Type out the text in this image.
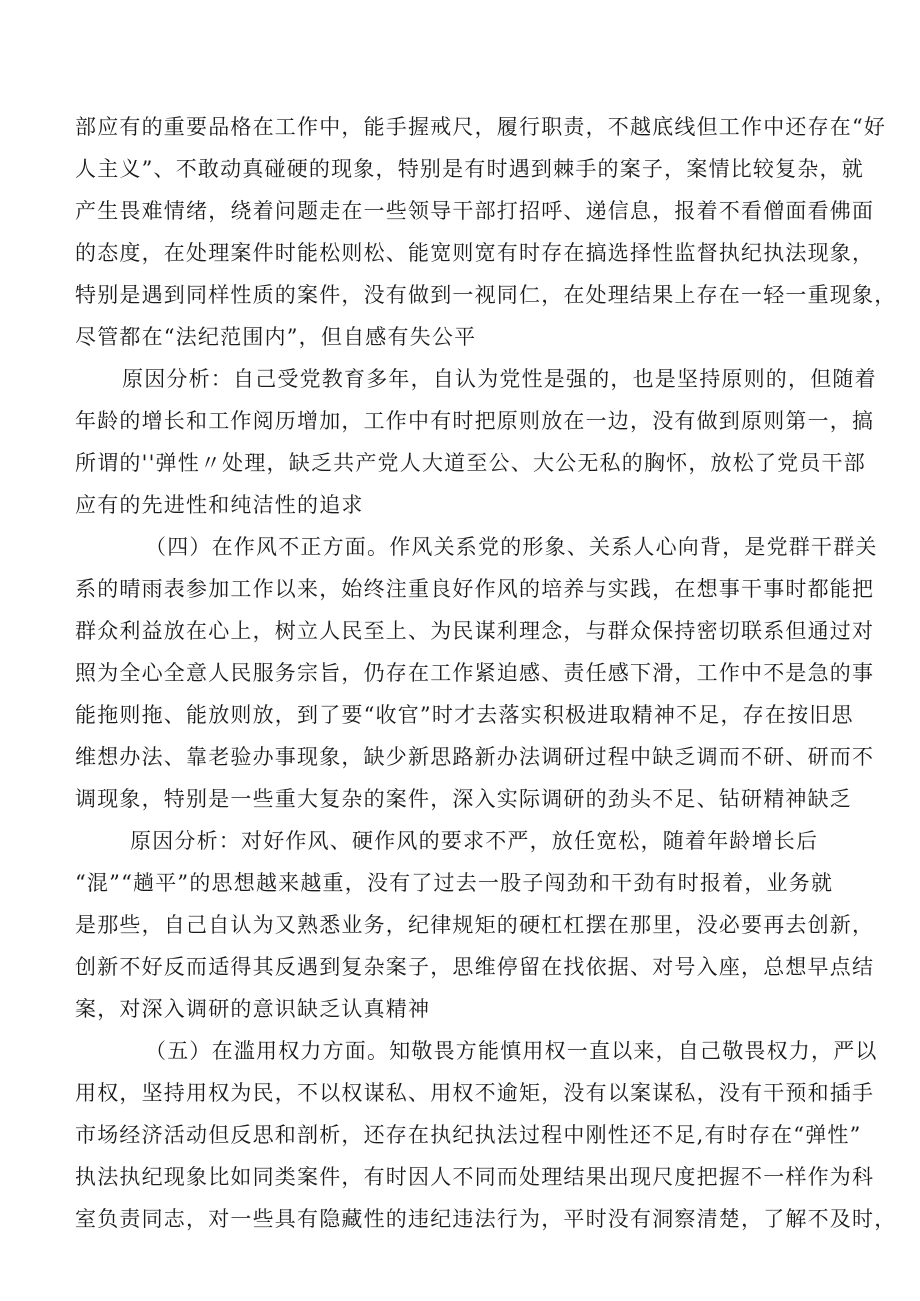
部应有的重要品格在工作中，能手握戒尺，履行职责，不越底线但工作中还存在“好
人主义”、不敢动真碰硬的现象，特别是有时遇到棘手的案子，案情比较复杂，就
产生畏难情绪，绕着问题走在一些领导干部打招呼、递信息，报着不看僧面看佛面
的态度，在处理案件时能松则松、能宽则宽有时存在搞选择性监督执纪执法现象，
特别是遇到同样性质的案件，没有做到一视同仁，在处理结果上存在一轻一重现象，
尽管都在“法纪范围内”，但自感有失公平
原因分析：自己受党教育多年，自认为党性是强的，也是坚持原则的，但随着
年龄的增长和工作阅历增加，工作中有时把原则放在一边，没有做到原则第一，搞
所谓的''弹性〃处理，缺乏共产党人大道至公、大公无私的胸怀，放松了党员干部
应有的先进性和纯洁性的追求
（四）在作风不正方面。作风关系党的形象、关系人心向背，是党群干群关
系的晴雨表参加工作以来，始终注重良好作风的培养与实践，在想事干事时都能把
群众利益放在心上，树立人民至上、为民谋利理念，与群众保持密切联系但通过对
照为全心全意人民服务宗旨，仍存在工作紧迫感、责任感下滑，工作中不是急的事
能拖则拖、能放则放，到了要“收官”时才去落实积极进取精神不足，存在按旧思
维想办法、靠老验办事现象，缺少新思路新办法调研过程中缺乏调而不研、研而不
调现象，特别是一些重大复杂的案件，深入实际调研的劲头不足、钻研精神缺乏
原因分析：对好作风、硬作风的要求不严，放任宽松，随着年龄增长后
“混”“趟平”的思想越来越重，没有了过去一股子闯劲和干劲有时报着，业务就
是那些，自己自认为又熟悉业务，纪律规矩的硬杠杠摆在那里，没必要再去创新，
创新不好反而适得其反遇到复杂案子，思维停留在找依据、对号入座，总想早点结
案，对深入调研的意识缺乏认真精神
（五）在滥用权力方面。知敬畏方能慎用权一直以来，自己敬畏权力，严以
用权，坚持用权为民，不以权谋私、用权不逾矩，没有以案谋私，没有干预和插手
市场经济活动但反思和剖析，还存在执纪执法过程中刚性还不足,有时存在“弹性”
执法执纪现象比如同类案件，有时因人不同而处理结果出现尺度把握不一样作为科
室负责同志，对一些具有隐藏性的违纪违法行为，平时没有洞察清楚，了解不及时，
